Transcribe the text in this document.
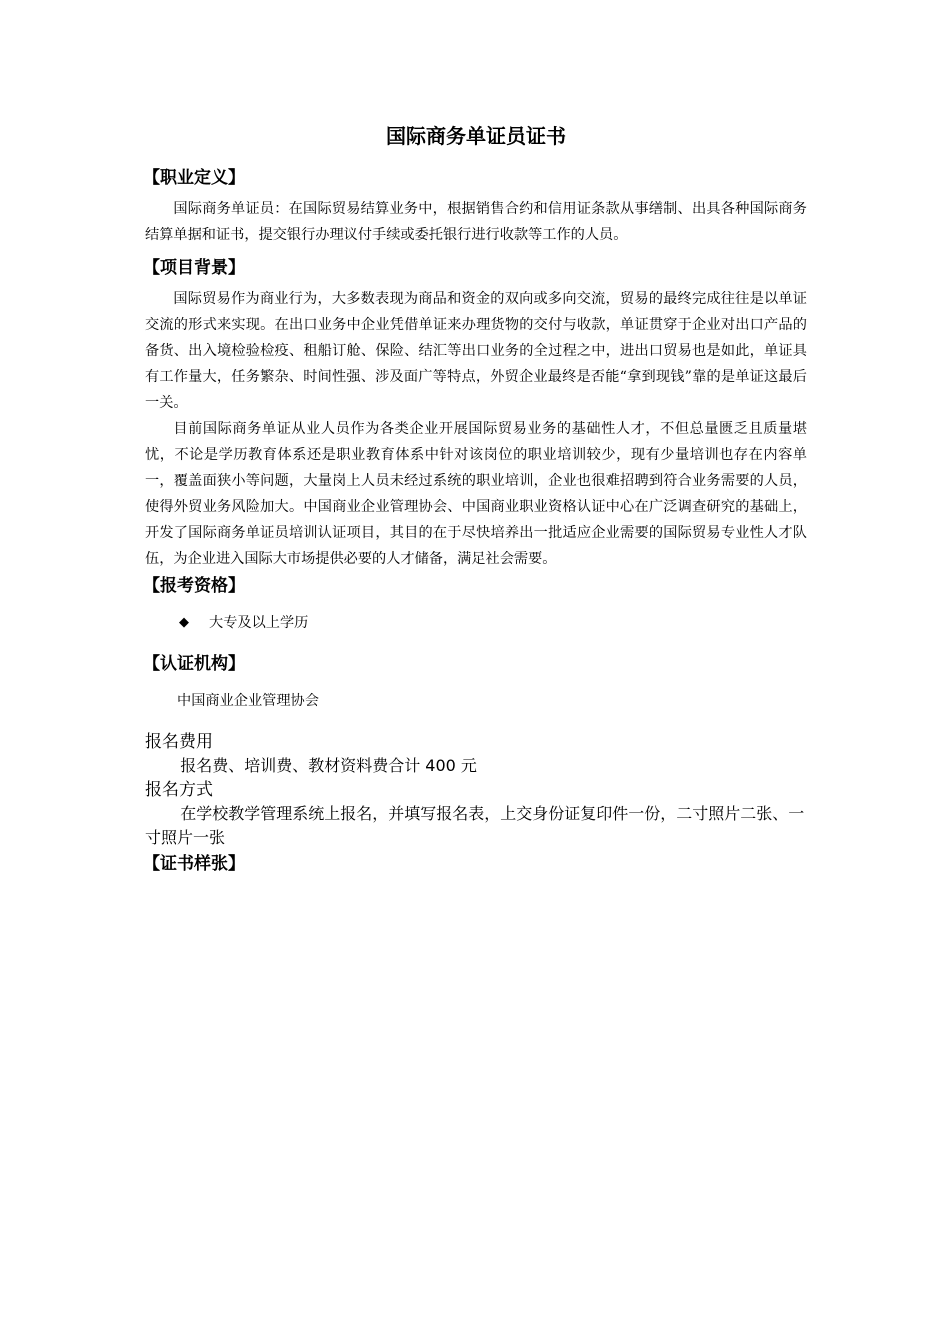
国际商务单证员证书
【职业定义】

国际商务单证员：在国际贸易结算业务中，根据销售合约和信用证条款从事缮制、出具各种国际商务结算单据和证书，提交银行办理议付手续或委托银行进行收款等工作的人员。

【项目背景】

国际贸易作为商业行为，大多数表现为商品和资金的双向或多向交流，贸易的最终完成往往是以单证交流的形式来实现。在出口业务中企业凭借单证来办理货物的交付与收款，单证贯穿于企业对出口产品的备货、出入境检验检疫、租船订舱、保险、结汇等出口业务的全过程之中，进出口贸易也是如此，单证具有工作量大，任务繁杂、时间性强、涉及面广等特点，外贸企业最终是否能“拿到现钱”靠的是单证这最后一关。

目前国际商务单证从业人员作为各类企业开展国际贸易业务的基础性人才，不但总量匮乏且质量堪忧，不论是学历教育体系还是职业教育体系中针对该岗位的职业培训较少，现有少量培训也存在内容单一，覆盖面狭小等问题，大量岗上人员未经过系统的职业培训，企业也很难招聘到符合业务需要的人员，使得外贸业务风险加大。中国商业企业管理协会、中国商业职业资格认证中心在广泛调查研究的基础上，开发了国际商务单证员培训认证项目，其目的在于尽快培养出一批适应企业需要的国际贸易专业性人才队伍，为企业进入国际大市场提供必要的人才储备，满足社会需要。

【报考资格】
◆	大专及以上学历
【认证机构】
中国商业企业管理协会
报名费用

报名费、培训费、教材资料费合计 400 元

报名方式

在学校教学管理系统上报名，并填写报名表，上交身份证复印件一份，二寸照片二张、一寸照片一张

【证书样张】
